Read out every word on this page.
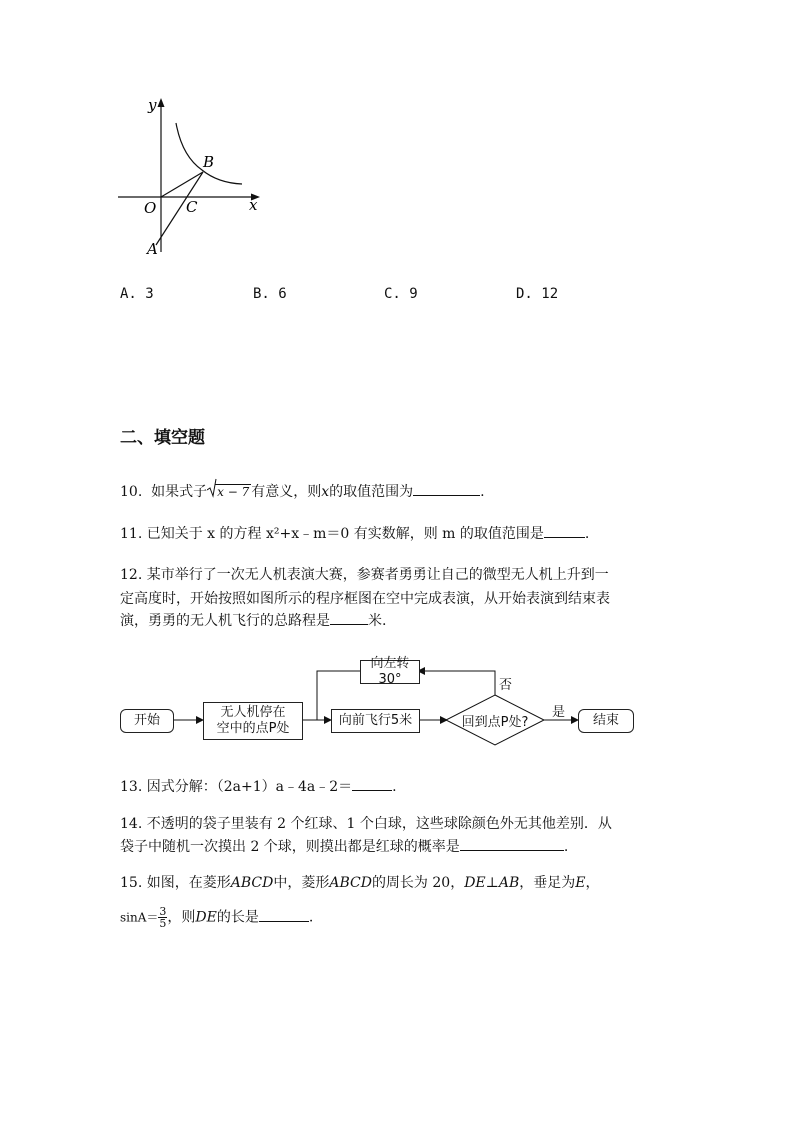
y
x
O
B
C
A
A. 3	B. 6	C. 9	D. 12
二、填空题
10. 如果式子 x − 7 有意义，则x的取值范围为	.
11. 已知关于 x 的方程 x²+x﹣m＝0 有实数解，则 m 的取值范围是	.
12. 某市举行了一次无人机表演大赛，参赛者勇勇让自己的微型无人机上升到一
定高度时，开始按照如图所示的程序框图在空中完成表演，从开始表演到结束表
演，勇勇的无人机飞行的总路程是	米.
开始
无人机停在
空中的点P处
向前飞行5米	回到点P处?
向左转30°
结束
否
是
13. 因式分解：（2a+1）a﹣4a﹣2＝	.
14. 不透明的袋子里装有 2 个红球、1 个白球，这些球除颜色外无其他差别．从
袋子中随机一次摸出 2 个球，则摸出都是红球的概率是	.
15. 如图，在菱形ABCD中，菱形ABCD的周长为 20，DE⊥AB，垂足为E，
$\sin A= \frac{3}{5}$ ，则DE的长是	.
